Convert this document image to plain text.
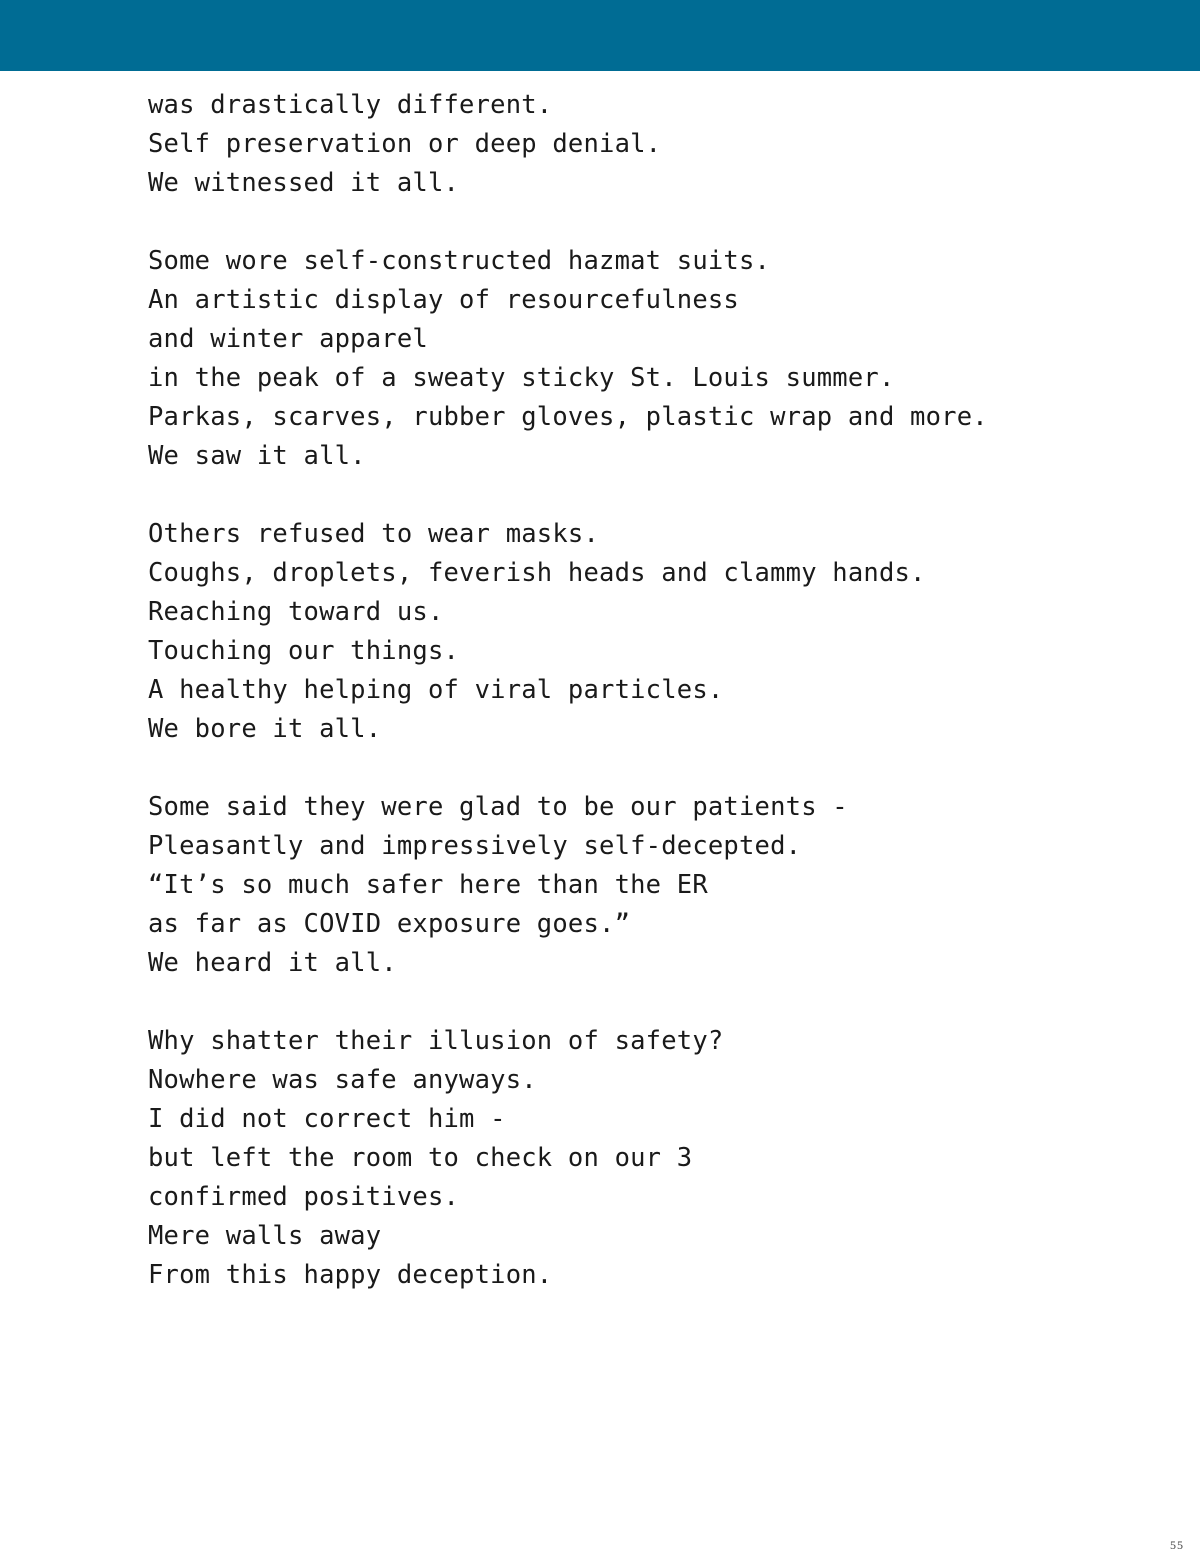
was drastically different.
Self preservation or deep denial.
We witnessed it all.
Some wore self-constructed hazmat suits.
An artistic display of resourcefulness
and winter apparel
in the peak of a sweaty sticky St. Louis summer.
Parkas, scarves, rubber gloves, plastic wrap and more.
We saw it all.
Others refused to wear masks.
Coughs, droplets, feverish heads and clammy hands.
Reaching toward us.
Touching our things.
A healthy helping of viral particles.
We bore it all.
Some said they were glad to be our patients -
Pleasantly and impressively self-decepted.
“It’s so much safer here than the ER
as far as COVID exposure goes.”
We heard it all.
Why shatter their illusion of safety?
Nowhere was safe anyways.
I did not correct him -
but left the room to check on our 3
confirmed positives.
Mere walls away
From this happy deception.
55
